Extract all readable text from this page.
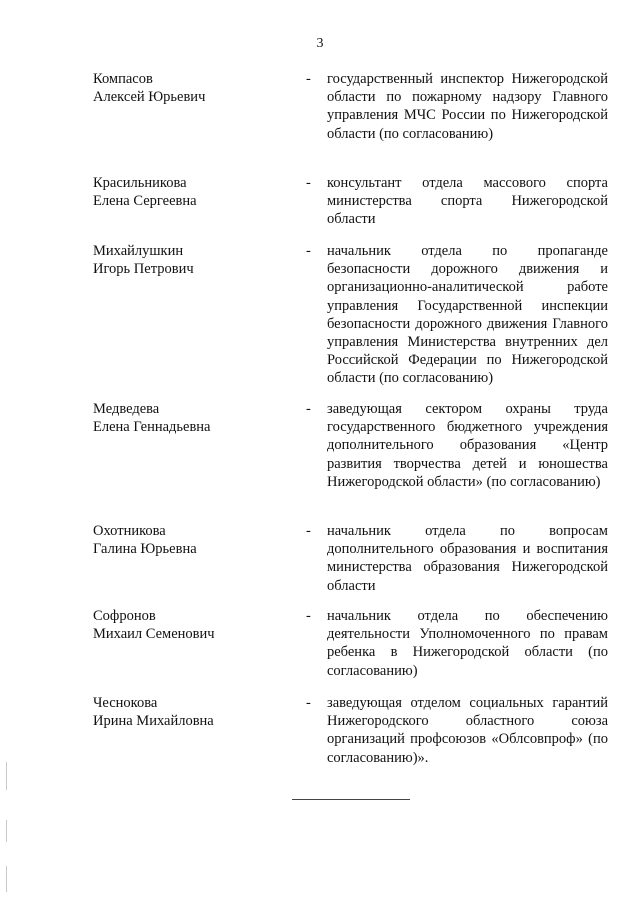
3
Компасов
Алексей Юрьевич
- государственный инспектор Нижегородской области по пожарному надзору Главного управления МЧС России по Нижегородской области (по согласованию)
Красильникова
Елена Сергеевна
- консультант отдела массового спорта министерства спорта Нижегородской области
Михайлушкин
Игорь Петрович
- начальник отдела по пропаганде безопасности дорожного движения и организационно-аналитической работе управления Государственной инспекции безопасности дорожного движения Главного управления Министерства внутренних дел Российской Федерации по Нижегородской области (по согласованию)
Медведева
Елена Геннадьевна
- заведующая сектором охраны труда государственного бюджетного учреждения дополнительного образования «Центр развития творчества детей и юношества Нижегородской области» (по согласованию)
Охотникова
Галина Юрьевна
- начальник отдела по вопросам дополнительного образования и воспитания министерства образования Нижегородской области
Софронов
Михаил Семенович
- начальник отдела по обеспечению деятельности Уполномоченного по правам ребенка в Нижегородской области (по согласованию)
Чеснокова
Ирина Михайловна
- заведующая отделом социальных гарантий Нижегородского областного союза организаций профсоюзов «Облсовпроф» (по согласованию)».
